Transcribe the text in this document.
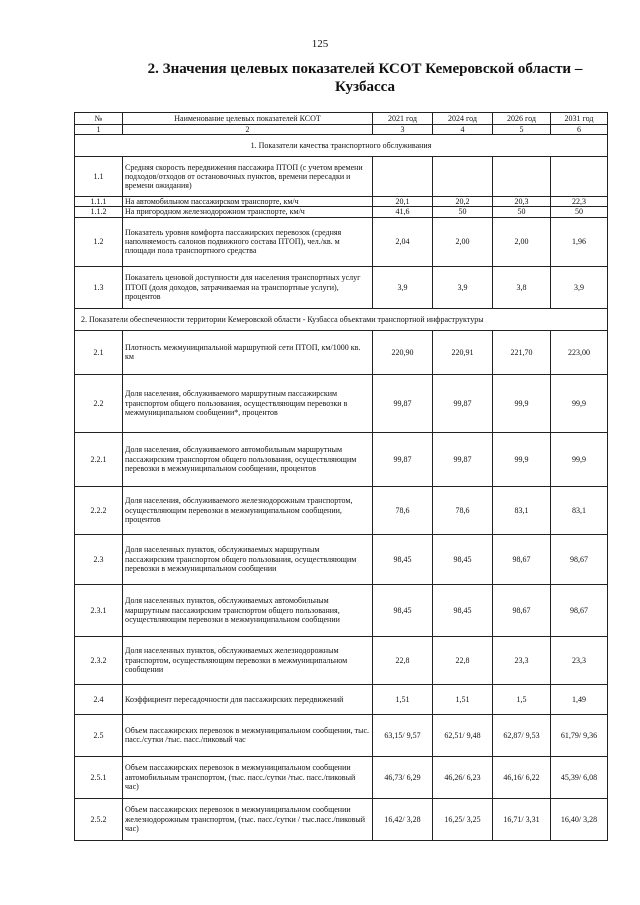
125
2. Значения целевых показателей КСОТ Кемеровской области – Кузбасса
№	Наименование целевых показателей КСОТ	2021 год	2024 год	2026 год	2031 год
1	2	3	4	5	6
1. Показатели качества транспортного обслуживания					
1.1	Средняя скорость передвижения пассажира ПТОП (с учетом времени подходов/отходов от остановочных пунктов, времени пересадки и времени ожидания)				
1.1.1	На автомобильном пассажирском транспорте, км/ч	20,1	20,2	20,3	22,3
1.1.2	На пригородном железнодорожном транспорте, км/ч	41,6	50	50	50
1.2	Показатель уровня комфорта пассажирских перевозок (средняя наполняемость салонов подвижного состава ПТОП), чел./кв. м площади пола транспортного средства	2,04	2,00	2,00	1,96
1.3	Показатель ценовой доступности для населения транспортных услуг ПТОП (доля доходов, затрачиваемая на транспортные услуги), процентов	3,9	3,9	3,8	3,9
2. Показатели обеспеченности территории Кемеровской области - Кузбасса объектами транспортной инфраструктуры					
2.1	Плотность межмуниципальной маршрутной сети ПТОП, км/1000 кв. км	220,90	220,91	221,70	223,00
2.2	Доля населения, обслуживаемого маршрутным пассажирским транспортом общего пользования, осуществляющим перевозки в межмуниципальном сообщении*, процентов	99,87	99,87	99,9	99,9
2.2.1	Доля населения, обслуживаемого автомобильным маршрутным пассажирским транспортом общего пользования, осуществляющим перевозки в межмуниципальном сообщении, процентов	99,87	99,87	99,9	99,9
2.2.2	Доля населения, обслуживаемого железнодорожным транспортом, осуществляющим перевозки в межмуниципальном сообщении, процентов	78,6	78,6	83,1	83,1
2.3	Доля населенных пунктов, обслуживаемых маршрутным пассажирским транспортом общего пользования, осуществляющим перевозки в межмуниципальном сообщении	98,45	98,45	98,67	98,67
2.3.1	Доля населенных пунктов, обслуживаемых автомобильным маршрутным пассажирским транспортом общего пользования, осуществляющим перевозки в межмуниципальном сообщении	98,45	98,45	98,67	98,67
2.3.2	Доля населенных пунктов, обслуживаемых железнодорожным транспортом, осуществляющим перевозки в межмуниципальном сообщении	22,8	22,8	23,3	23,3
2.4	Коэффициент пересадочности для пассажирских передвижений	1,51	1,51	1,5	1,49
2.5	Объем пассажирских перевозок в межмуниципальном сообщении, тыс. пасс./сутки /тыс. пасс./пиковый час	63,15/ 9,57	62,51/ 9,48	62,87/ 9,53	61,79/ 9,36
2.5.1	Объем пассажирских перевозок в межмуниципальном сообщении автомобильным транспортом, (тыс. пасс./сутки /тыс. пасс./пиковый час)	46,73/ 6,29	46,26/ 6,23	46,16/ 6,22	45,39/ 6,08
2.5.2	Объем пассажирских перевозок в межмуниципальном сообщении железнодорожным транспортом, (тыс. пасс./сутки / тыс.пасс./пиковый час)	16,42/ 3,28	16,25/ 3,25	16,71/ 3,31	16,40/ 3,28
